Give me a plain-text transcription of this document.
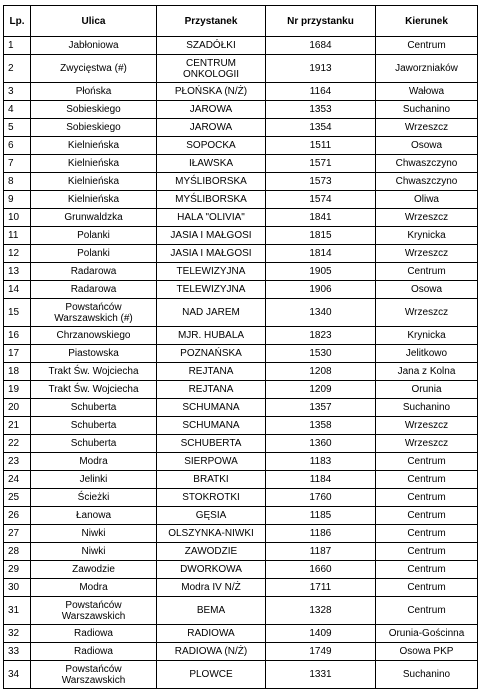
Lp.	Ulica	Przystanek	Nr przystanku	Kierunek
1	Jabłoniowa	SZADÓŁKI	1684	Centrum
2	Zwycięstwa (#)	CENTRUM ONKOLOGII	1913	Jaworzniaków
3	Płońska	PŁOŃSKA (N/Ż)	1164	Wałowa
4	Sobieskiego	JAROWA	1353	Suchanino
5	Sobieskiego	JAROWA	1354	Wrzeszcz
6	Kielnieńska	SOPOCKA	1511	Osowa
7	Kielnieńska	IŁAWSKA	1571	Chwaszczyno
8	Kielnieńska	MYŚLIBORSKA	1573	Chwaszczyno
9	Kielnieńska	MYŚLIBORSKA	1574	Oliwa
10	Grunwaldzka	HALA "OLIVIA"	1841	Wrzeszcz
11	Polanki	JASIA I MAŁGOSI	1815	Krynicka
12	Polanki	JASIA I MAŁGOSI	1814	Wrzeszcz
13	Radarowa	TELEWIZYJNA	1905	Centrum
14	Radarowa	TELEWIZYJNA	1906	Osowa
15	Powstańców Warszawskich (#)	NAD JAREM	1340	Wrzeszcz
16	Chrzanowskiego	MJR. HUBALA	1823	Krynicka
17	Piastowska	POZNAŃSKA	1530	Jelitkowo
18	Trakt Św. Wojciecha	REJTANA	1208	Jana z Kolna
19	Trakt Św. Wojciecha	REJTANA	1209	Orunia
20	Schuberta	SCHUMANA	1357	Suchanino
21	Schuberta	SCHUMANA	1358	Wrzeszcz
22	Schuberta	SCHUBERTA	1360	Wrzeszcz
23	Modra	SIERPOWA	1183	Centrum
24	Jelinki	BRATKI	1184	Centrum
25	Ścieżki	STOKROTKI	1760	Centrum
26	Łanowa	GĘSIA	1185	Centrum
27	Niwki	OLSZYNKA-NIWKI	1186	Centrum
28	Niwki	ZAWODZIE	1187	Centrum
29	Zawodzie	DWORKOWA	1660	Centrum
30	Modra	Modra IV N/Ż	1711	Centrum
31	Powstańców Warszawskich	BEMA	1328	Centrum
32	Radiowa	RADIOWA	1409	Orunia-Gościnna
33	Radiowa	RADIOWA (N/Ż)	1749	Osowa PKP
34	Powstańców Warszawskich	PLOWCE	1331	Suchanino
